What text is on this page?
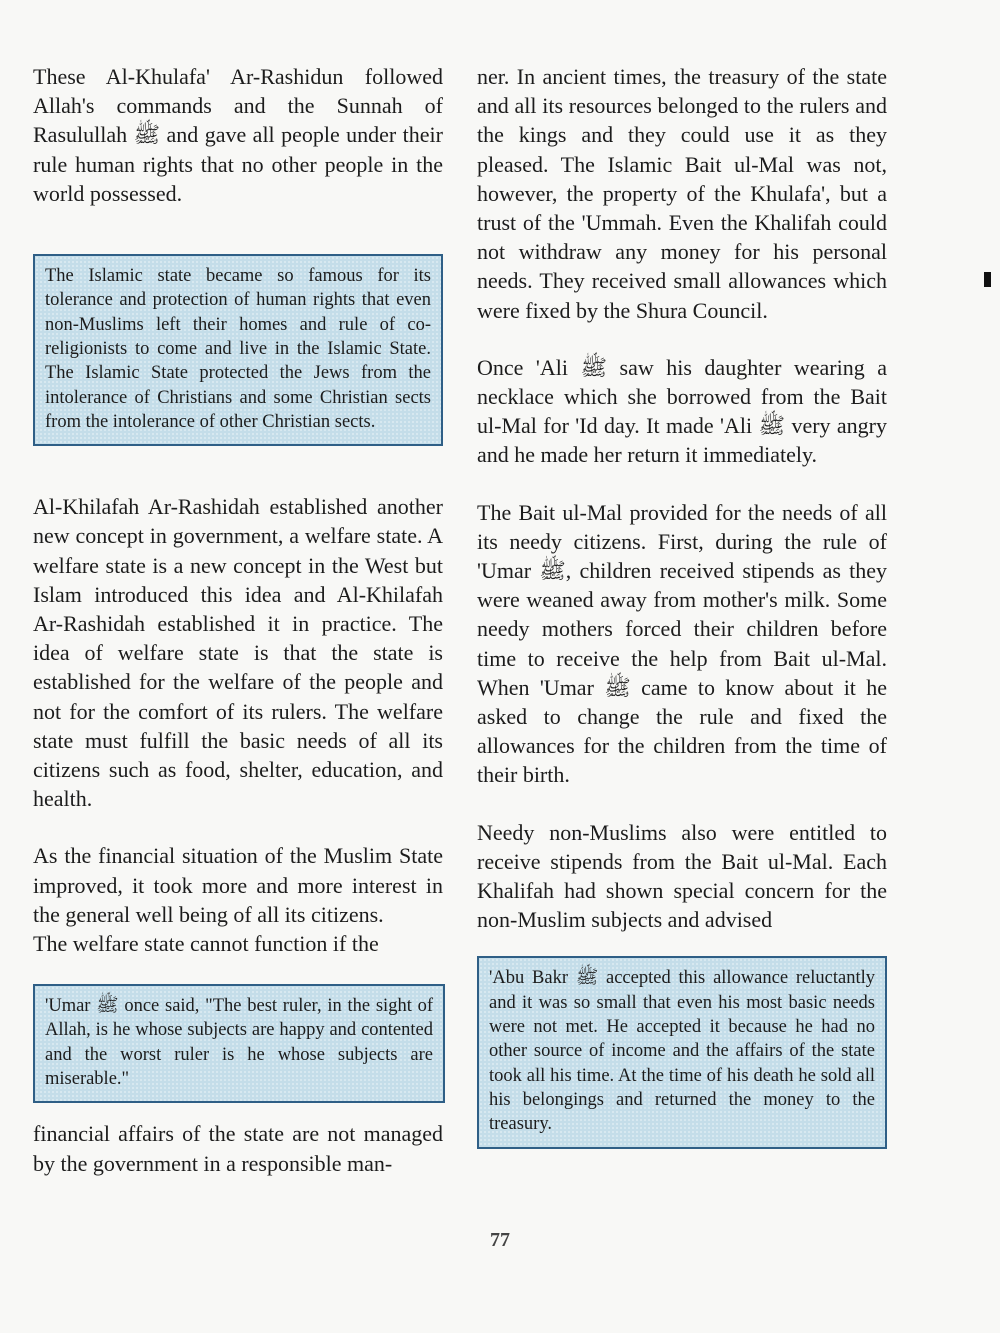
These Al-Khulafa' Ar-Rashidun followed Allah's commands and the Sunnah of Rasulullah ﷺ and gave all people under their rule human rights that no other people in the world possessed.

The Islamic state became so famous for its tolerance and protection of human rights that even non-Muslims left their homes and rule of co-religionists to come and live in the Islamic State. The Islamic State protected the Jews from the intolerance of Christians and some Christian sects from the intolerance of other Christian sects.

Al-Khilafah Ar-Rashidah established another new concept in government, a welfare state. A welfare state is a new concept in the West but Islam introduced this idea and Al-Khilafah Ar-Rashidah established it in practice. The idea of welfare state is that the state is established for the welfare of the people and not for the comfort of its rulers. The welfare state must fulfill the basic needs of all its citizens such as food, shelter, education, and health.

As the financial situation of the Muslim State improved, it took more and more interest in the general well being of all its citizens.

The welfare state cannot function if the

'Umar ﷺ once said, "The best ruler, in the sight of Allah, is he whose subjects are happy and contented and the worst ruler is he whose subjects are miserable."

financial affairs of the state are not managed by the government in a responsible man-

ner. In ancient times, the treasury of the state and all its resources belonged to the rulers and the kings and they could use it as they pleased. The Islamic Bait ul-Mal was not, however, the property of the Khulafa', but a trust of the 'Ummah. Even the Khalifah could not withdraw any money for his personal needs. They received small allowances which were fixed by the Shura Council.

Once 'Ali ﷺ saw his daughter wearing a necklace which she borrowed from the Bait ul-Mal for 'Id day. It made 'Ali ﷺ very angry and he made her return it immediately.

The Bait ul-Mal provided for the needs of all its needy citizens. First, during the rule of 'Umar ﷺ, children received stipends as they were weaned away from mother's milk. Some needy mothers forced their children before time to receive the help from Bait ul-Mal. When 'Umar ﷺ came to know about it he asked to change the rule and fixed the allowances for the children from the time of their birth.

Needy non-Muslims also were entitled to receive stipends from the Bait ul-Mal. Each Khalifah had shown special concern for the non-Muslim subjects and advised

'Abu Bakr ﷺ accepted this allowance reluctantly and it was so small that even his most basic needs were not met. He accepted it because he had no other source of income and the affairs of the state took all his time. At the time of his death he sold all his belongings and returned the money to the treasury.

77
